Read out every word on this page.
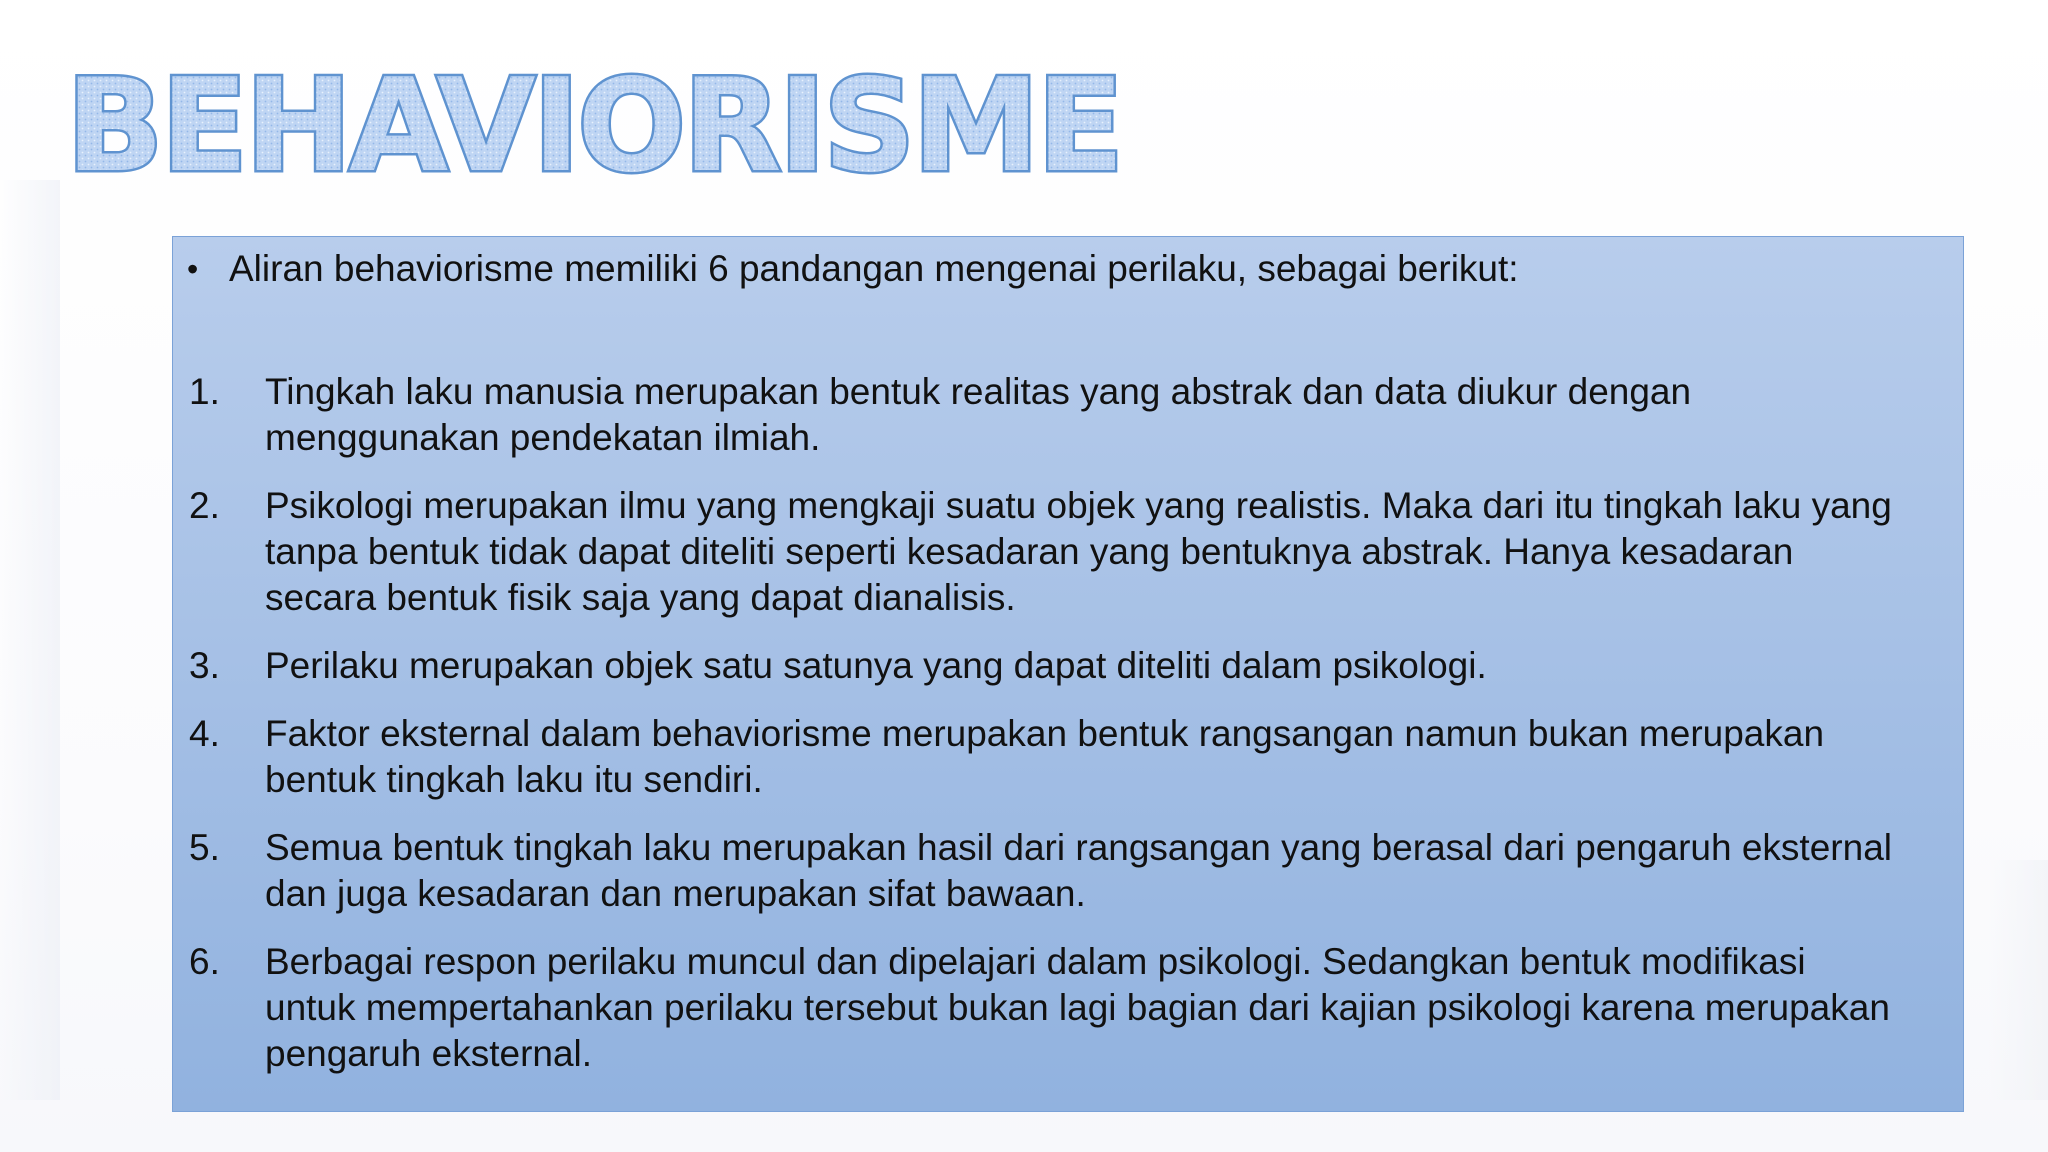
BEHAVIORISME
• Aliran behaviorisme memiliki 6 pandangan mengenai perilaku, sebagai berikut:
1.	Tingkah laku manusia merupakan bentuk realitas yang abstrak dan data diukur dengan menggunakan pendekatan ilmiah.
2.	Psikologi merupakan ilmu yang mengkaji suatu objek yang realistis. Maka dari itu tingkah laku yang tanpa bentuk tidak dapat diteliti seperti kesadaran yang bentuknya abstrak. Hanya kesadaran secara bentuk fisik saja yang dapat dianalisis.
3.	Perilaku merupakan objek satu satunya yang dapat diteliti dalam psikologi.
4.	Faktor eksternal dalam behaviorisme merupakan bentuk rangsangan namun bukan merupakan bentuk tingkah laku itu sendiri.
5.	Semua bentuk tingkah laku merupakan hasil dari rangsangan yang berasal dari pengaruh eksternal dan juga kesadaran dan merupakan sifat bawaan.
6.	Berbagai respon perilaku muncul dan dipelajari dalam psikologi. Sedangkan bentuk modifikasi untuk mempertahankan perilaku tersebut bukan lagi bagian dari kajian psikologi karena merupakan pengaruh eksternal.
